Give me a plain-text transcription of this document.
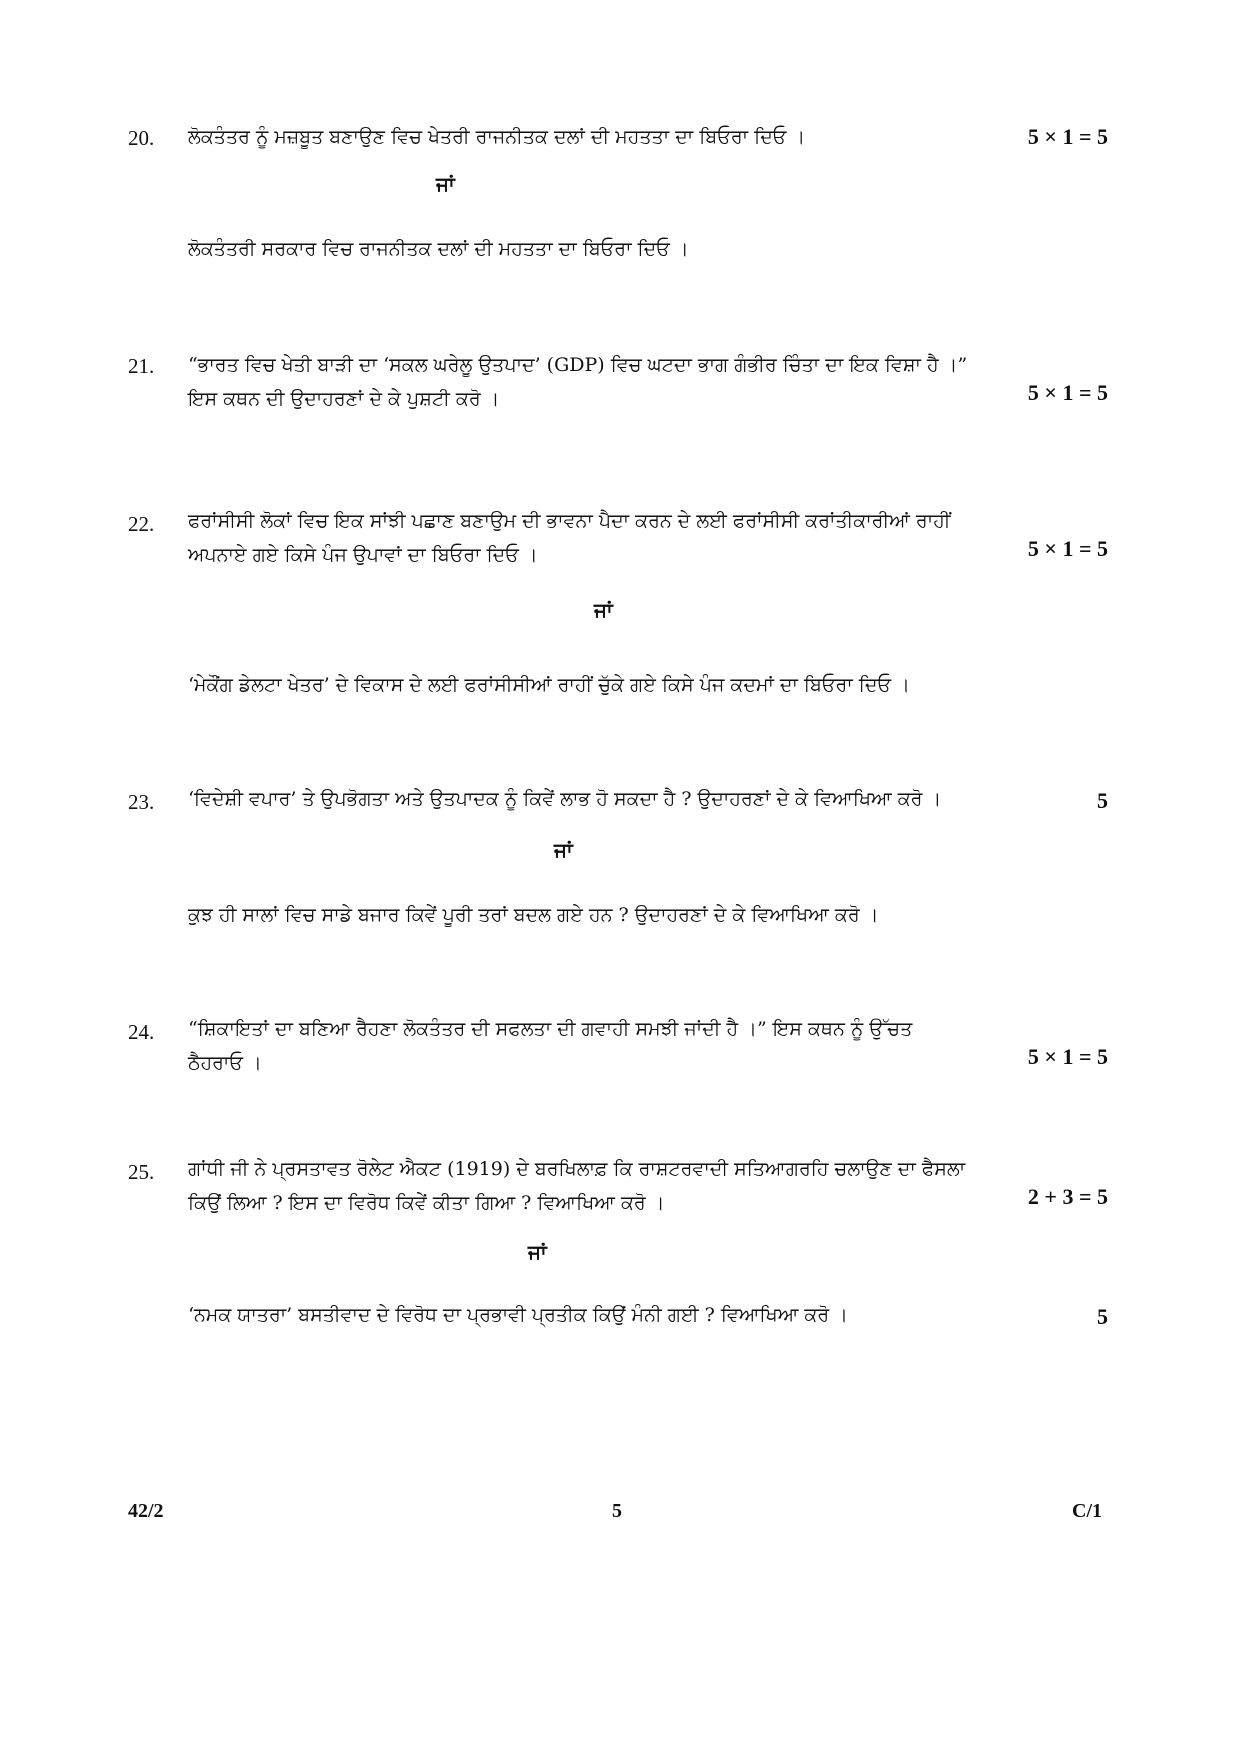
20. ਲੋਕਤੰਤਰ ਨੂੰ ਮਜ਼ਬੂਤ ਬਣਾਉਣ ਵਿਚ ਖੇਤਰੀ ਰਾਜਨੀਤਕ ਦਲਾਂ ਦੀ ਮਹਤਤਾ ਦਾ ਬਿਓਰਾ ਦਿਓ ।	5 × 1 = 5
ਜਾਂ
ਲੋਕਤੰਤਰੀ ਸਰਕਾਰ ਵਿਚ ਰਾਜਨੀਤਕ ਦਲਾਂ ਦੀ ਮਹਤਤਾ ਦਾ ਬਿਓਰਾ ਦਿਓ ।
21. “ਭਾਰਤ ਵਿਚ ਖੇਤੀ ਬਾੜੀ ਦਾ ‘ਸਕਲ ਘਰੇਲੂ ਉਤਪਾਦ’ (GDP) ਵਿਚ ਘਟਦਾ ਭਾਗ ਗੰਭੀਰ ਚਿੰਤਾ ਦਾ ਇਕ ਵਿਸ਼ਾ ਹੈ ।”
ਇਸ ਕਥਨ ਦੀ ਉਦਾਹਰਣਾਂ ਦੇ ਕੇ ਪੁਸ਼ਟੀ ਕਰੋ ।	5 × 1 = 5
22. ਫਰਾਂਸੀਸੀ ਲੋਕਾਂ ਵਿਚ ਇਕ ਸਾਂਝੀ ਪਛਾਣ ਬਣਾਉਮ ਦੀ ਭਾਵਨਾ ਪੈਦਾ ਕਰਨ ਦੇ ਲਈ ਫਰਾਂਸੀਸੀ ਕਰਾਂਤੀਕਾਰੀਆਂ ਰਾਹੀਂ
ਅਪਨਾਏ ਗਏ ਕਿਸੇ ਪੰਜ ਉਪਾਵਾਂ ਦਾ ਬਿਓਰਾ ਦਿਓ ।	5 × 1 = 5
ਜਾਂ
‘ਮੇਕੌਂਗ ਡੇਲਟਾ ਖੇਤਰ’ ਦੇ ਵਿਕਾਸ ਦੇ ਲਈ ਫਰਾਂਸੀਸੀਆਂ ਰਾਹੀਂ ਚੁੱਕੇ ਗਏ ਕਿਸੇ ਪੰਜ ਕਦਮਾਂ ਦਾ ਬਿਓਰਾ ਦਿਓ ।
23. ‘ਵਿਦੇਸ਼ੀ ਵਪਾਰ’ ਤੇ ਉਪਭੋਗਤਾ ਅਤੇ ਉਤਪਾਦਕ ਨੂੰ ਕਿਵੇਂ ਲਾਭ ਹੋ ਸਕਦਾ ਹੈ ? ਉਦਾਹਰਣਾਂ ਦੇ ਕੇ ਵਿਆਖਿਆ ਕਰੋ ।	5
ਜਾਂ
ਕੁਝ ਹੀ ਸਾਲਾਂ ਵਿਚ ਸਾਡੇ ਬਜਾਰ ਕਿਵੇਂ ਪੂਰੀ ਤਰਾਂ ਬਦਲ ਗਏ ਹਨ ? ਉਦਾਹਰਣਾਂ ਦੇ ਕੇ ਵਿਆਖਿਆ ਕਰੋ ।
24. “ਸ਼ਿਕਾਇਤਾਂ ਦਾ ਬਣਿਆ ਰੈਹਣਾ ਲੋਕਤੰਤਰ ਦੀ ਸਫਲਤਾ ਦੀ ਗਵਾਹੀ ਸਮਝੀ ਜਾਂਦੀ ਹੈ ।” ਇਸ ਕਥਨ ਨੂੰ ਉੱਚਤ
ਠੈਹਰਾਓ ।	5 × 1 = 5
25. ਗਾਂਧੀ ਜੀ ਨੇ ਪ੍ਰਸਤਾਵਤ ਰੋਲੇਟ ਐਕਟ (1919) ਦੇ ਬਰਖਿਲਾਫ਼ ਕਿ ਰਾਸ਼ਟਰਵਾਦੀ ਸਤਿਆਗਰਹਿ ਚਲਾਉਣ ਦਾ ਫੈਸਲਾ
ਕਿਉਂ ਲਿਆ ? ਇਸ ਦਾ ਵਿਰੋਧ ਕਿਵੇਂ ਕੀਤਾ ਗਿਆ ? ਵਿਆਖਿਆ ਕਰੋ ।	2 + 3 = 5
ਜਾਂ
‘ਨਮਕ ਯਾਤਰਾ’ ਬਸਤੀਵਾਦ ਦੇ ਵਿਰੋਧ ਦਾ ਪ੍ਰਭਾਵੀ ਪ੍ਰਤੀਕ ਕਿਉਂ ਮੰਨੀ ਗਈ ? ਵਿਆਖਿਆ ਕਰੋ ।	5
42/2	5	C/1
